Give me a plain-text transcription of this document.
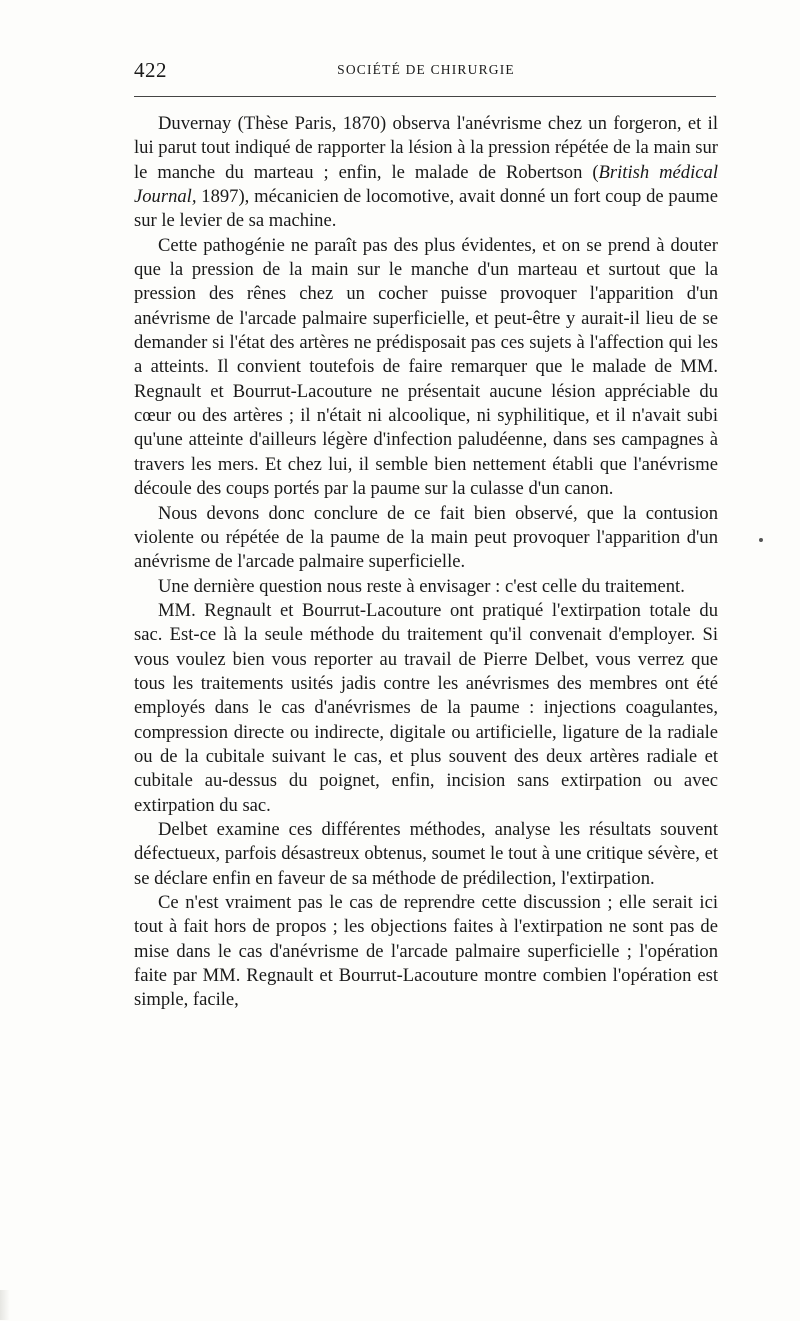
422	SOCIÉTÉ DE CHIRURGIE

Duvernay (Thèse Paris, 1870) observa l'anévrisme chez un forgeron, et il lui parut tout indiqué de rapporter la lésion à la pression répétée de la main sur le manche du marteau ; enfin, le malade de Robertson (British médical Journal, 1897), mécanicien de locomotive, avait donné un fort coup de paume sur le levier de sa machine.

Cette pathogénie ne paraît pas des plus évidentes, et on se prend à douter que la pression de la main sur le manche d'un marteau et surtout que la pression des rênes chez un cocher puisse provoquer l'apparition d'un anévrisme de l'arcade palmaire superficielle, et peut-être y aurait-il lieu de se demander si l'état des artères ne prédisposait pas ces sujets à l'affection qui les a atteints. Il convient toutefois de faire remarquer que le malade de MM. Regnault et Bourrut-Lacouture ne présentait aucune lésion appréciable du cœur ou des artères ; il n'était ni alcoolique, ni syphilitique, et il n'avait subi qu'une atteinte d'ailleurs légère d'infection paludéenne, dans ses campagnes à travers les mers. Et chez lui, il semble bien nettement établi que l'anévrisme découle des coups portés par la paume sur la culasse d'un canon.

Nous devons donc conclure de ce fait bien observé, que la contusion violente ou répétée de la paume de la main peut provoquer l'apparition d'un anévrisme de l'arcade palmaire superficielle.

Une dernière question nous reste à envisager : c'est celle du traitement.

MM. Regnault et Bourrut-Lacouture ont pratiqué l'extirpation totale du sac. Est-ce là la seule méthode du traitement qu'il convenait d'employer. Si vous voulez bien vous reporter au travail de Pierre Delbet, vous verrez que tous les traitements usités jadis contre les anévrismes des membres ont été employés dans le cas d'anévrismes de la paume : injections coagulantes, compression directe ou indirecte, digitale ou artificielle, ligature de la radiale ou de la cubitale suivant le cas, et plus souvent des deux artères radiale et cubitale au-dessus du poignet, enfin, incision sans extirpation ou avec extirpation du sac.

Delbet examine ces différentes méthodes, analyse les résultats souvent défectueux, parfois désastreux obtenus, soumet le tout à une critique sévère, et se déclare enfin en faveur de sa méthode de prédilection, l'extirpation.

Ce n'est vraiment pas le cas de reprendre cette discussion ; elle serait ici tout à fait hors de propos ; les objections faites à l'extirpation ne sont pas de mise dans le cas d'anévrisme de l'arcade palmaire superficielle ; l'opération faite par MM. Regnault et Bourrut-Lacouture montre combien l'opération est simple, facile,
